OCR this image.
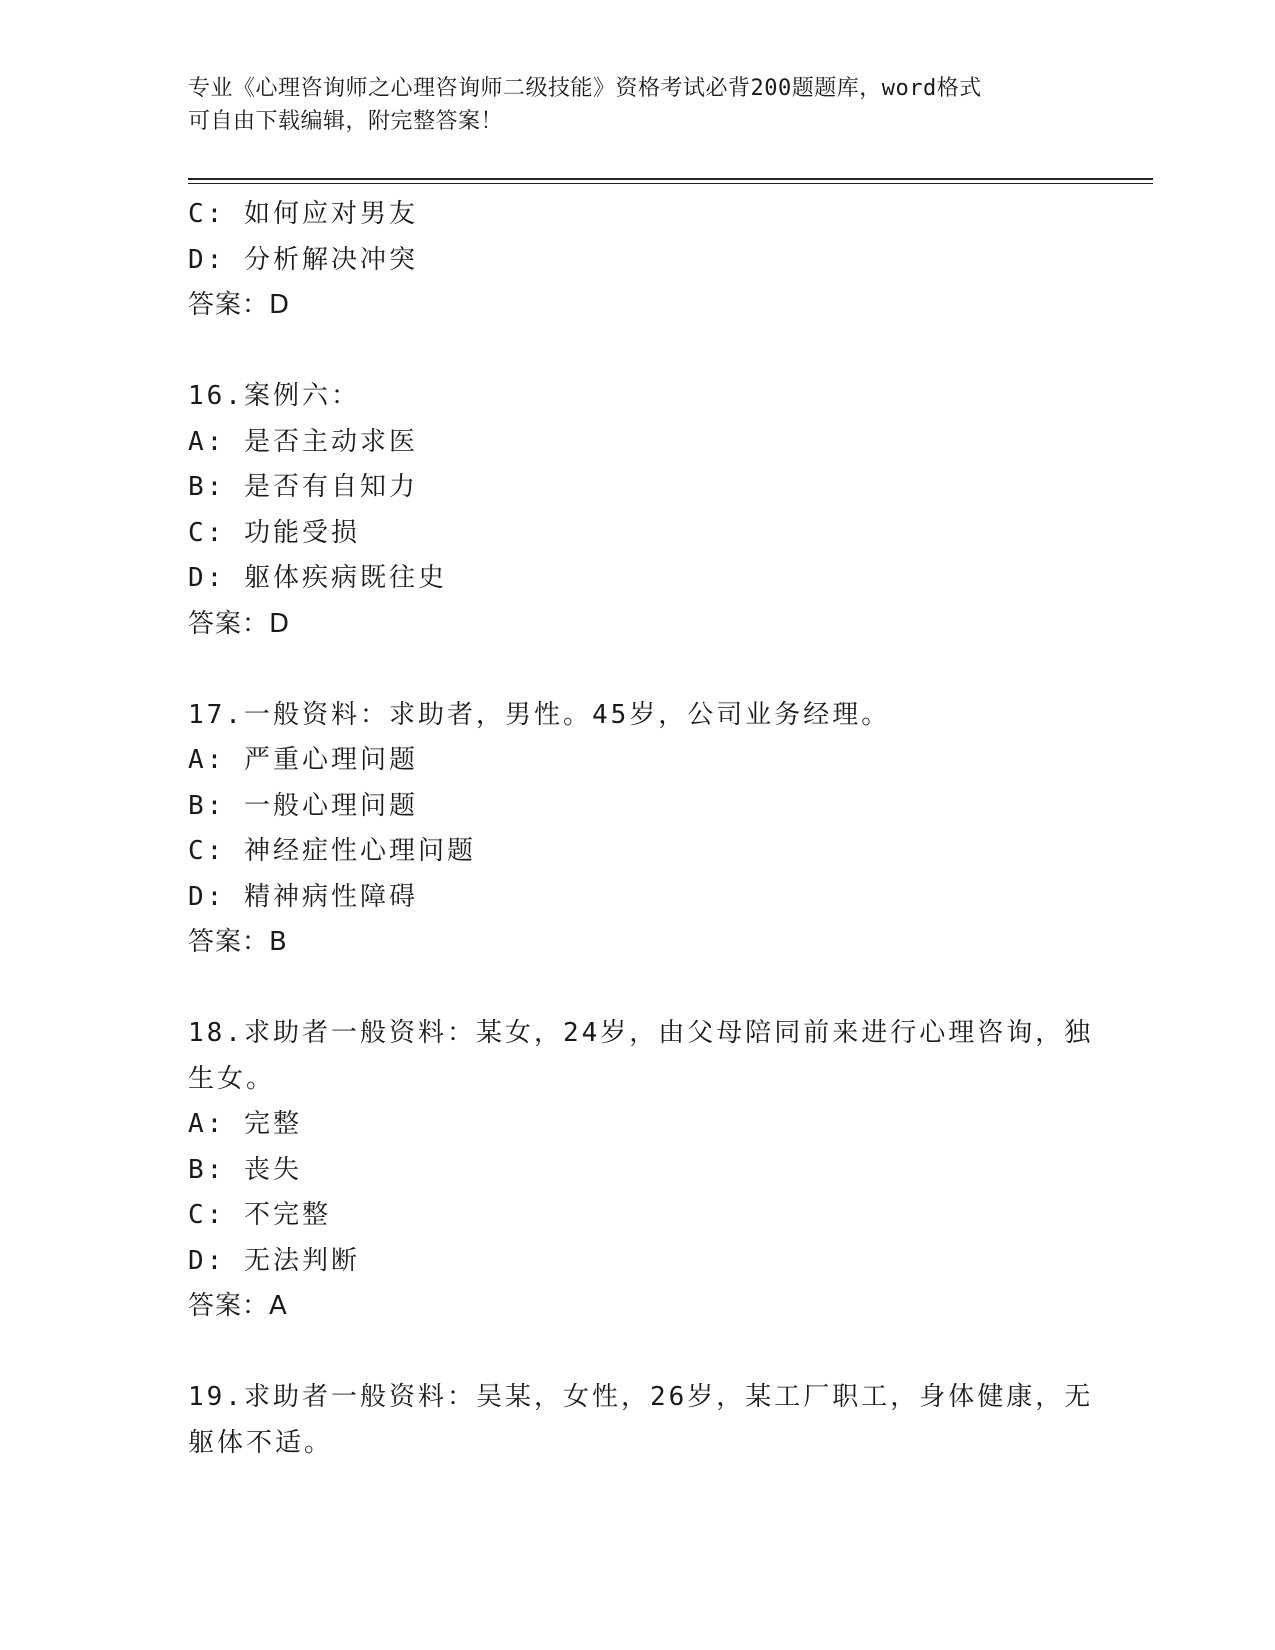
专业《心理咨询师之心理咨询师二级技能》资格考试必背200题题库，word格式
可自由下载编辑，附完整答案！
C: 如何应对男友
D: 分析解决冲突
答案：D
16.案例六：
A: 是否主动求医
B: 是否有自知力
C: 功能受损
D: 躯体疾病既往史
答案：D
17.一般资料：求助者，男性。45岁，公司业务经理。
A: 严重心理问题
B: 一般心理问题
C: 神经症性心理问题
D: 精神病性障碍
答案：B
18.求助者一般资料：某女，24岁，由父母陪同前来进行心理咨询，独
生女。
A: 完整
B: 丧失
C: 不完整
D: 无法判断
答案：A
19.求助者一般资料：吴某，女性，26岁，某工厂职工，身体健康，无
躯体不适。
